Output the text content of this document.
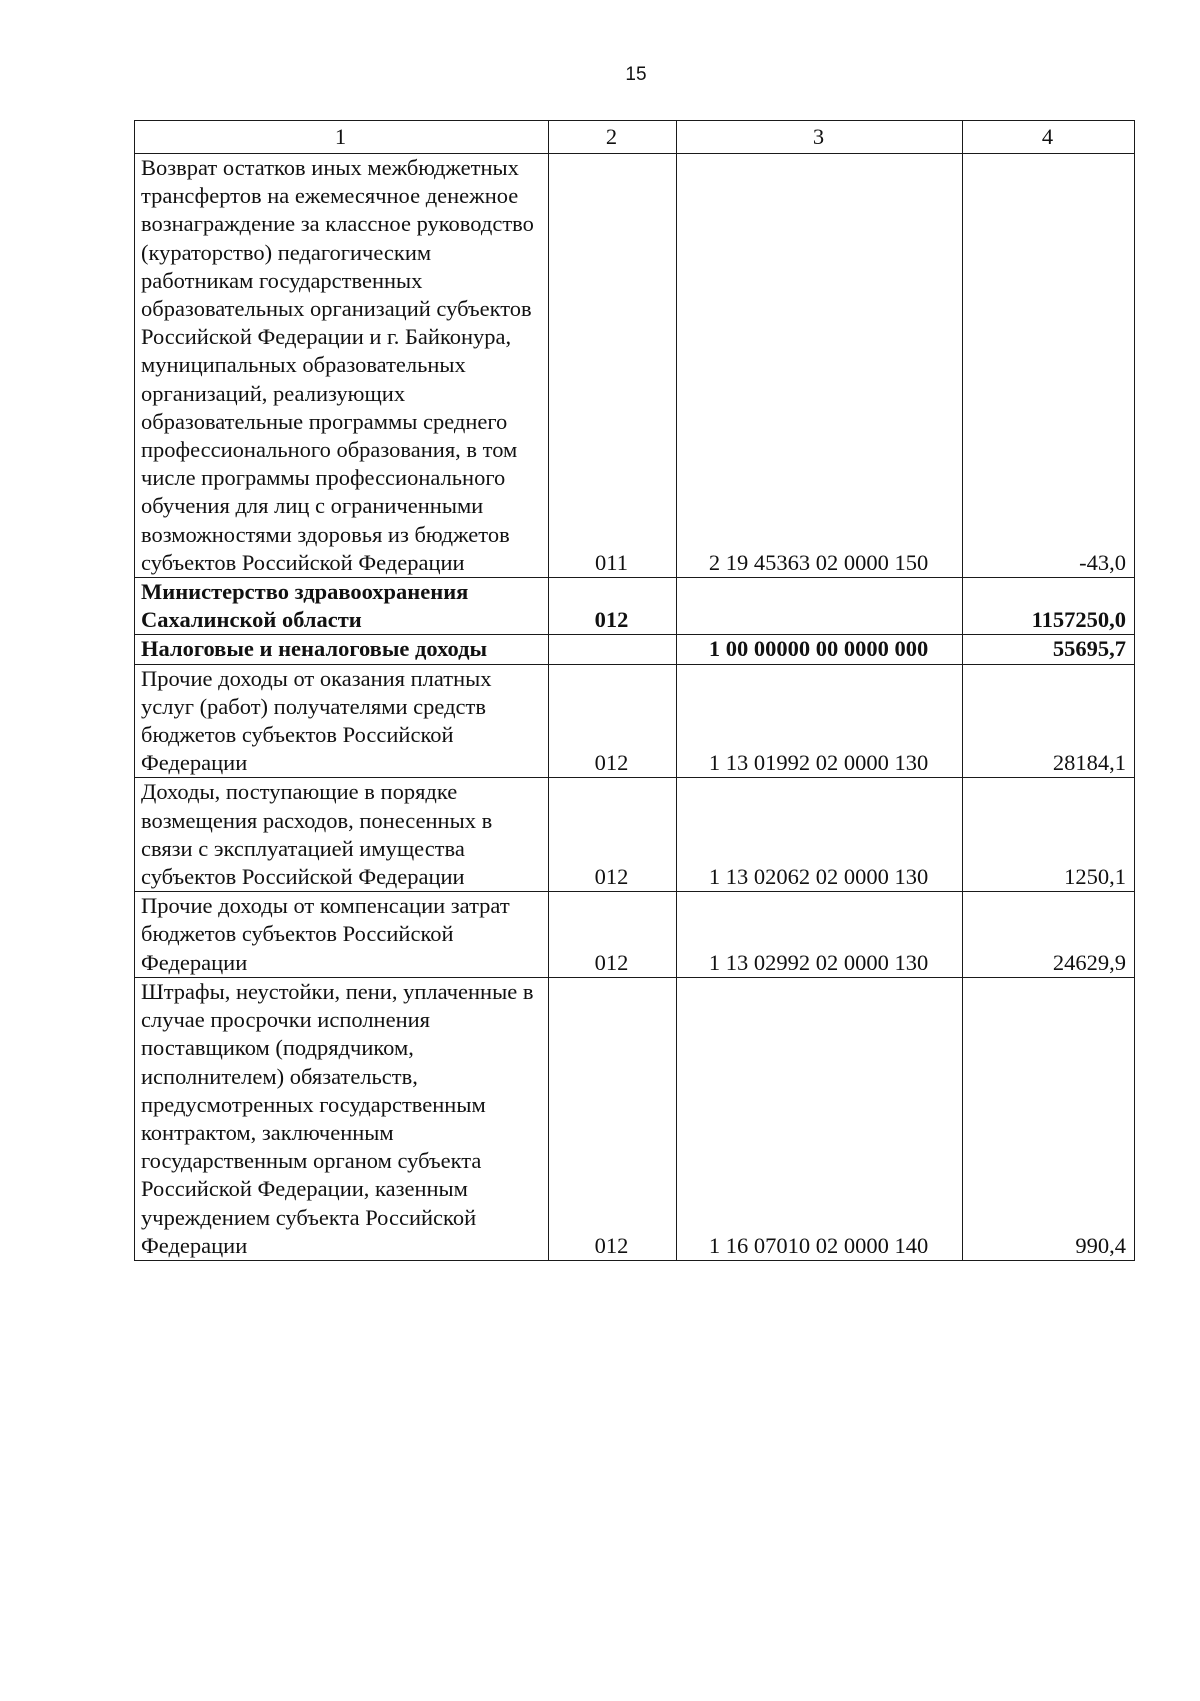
15
1	2	3	4
Возврат остатков иных межбюджетных трансфертов на ежемесячное денежное вознаграждение за классное руководство (кураторство) педагогическим работникам государственных образовательных организаций субъектов Российской Федерации и г. Байконура, муниципальных образовательных организаций, реализующих образовательные программы среднего профессионального образования, в том числе программы профессионального обучения для лиц с ограниченными возможностями здоровья из бюджетов субъектов Российской Федерации	011	2 19 45363 02 0000 150	-43,0
Министерство здравоохранения Сахалинской области	012		1157250,0
Налоговые и неналоговые доходы		1 00 00000 00 0000 000	55695,7
Прочие доходы от оказания платных услуг (работ) получателями средств бюджетов субъектов Российской Федерации	012	1 13 01992 02 0000 130	28184,1
Доходы, поступающие в порядке возмещения расходов, понесенных в связи с эксплуатацией имущества субъектов Российской Федерации	012	1 13 02062 02 0000 130	1250,1
Прочие доходы от компенсации затрат бюджетов субъектов Российской Федерации	012	1 13 02992 02 0000 130	24629,9
Штрафы, неустойки, пени, уплаченные в случае просрочки исполнения поставщиком (подрядчиком, исполнителем) обязательств, предусмотренных государственным контрактом, заключенным государственным органом субъекта Российской Федерации, казенным учреждением субъекта Российской Федерации	012	1 16 07010 02 0000 140	990,4
